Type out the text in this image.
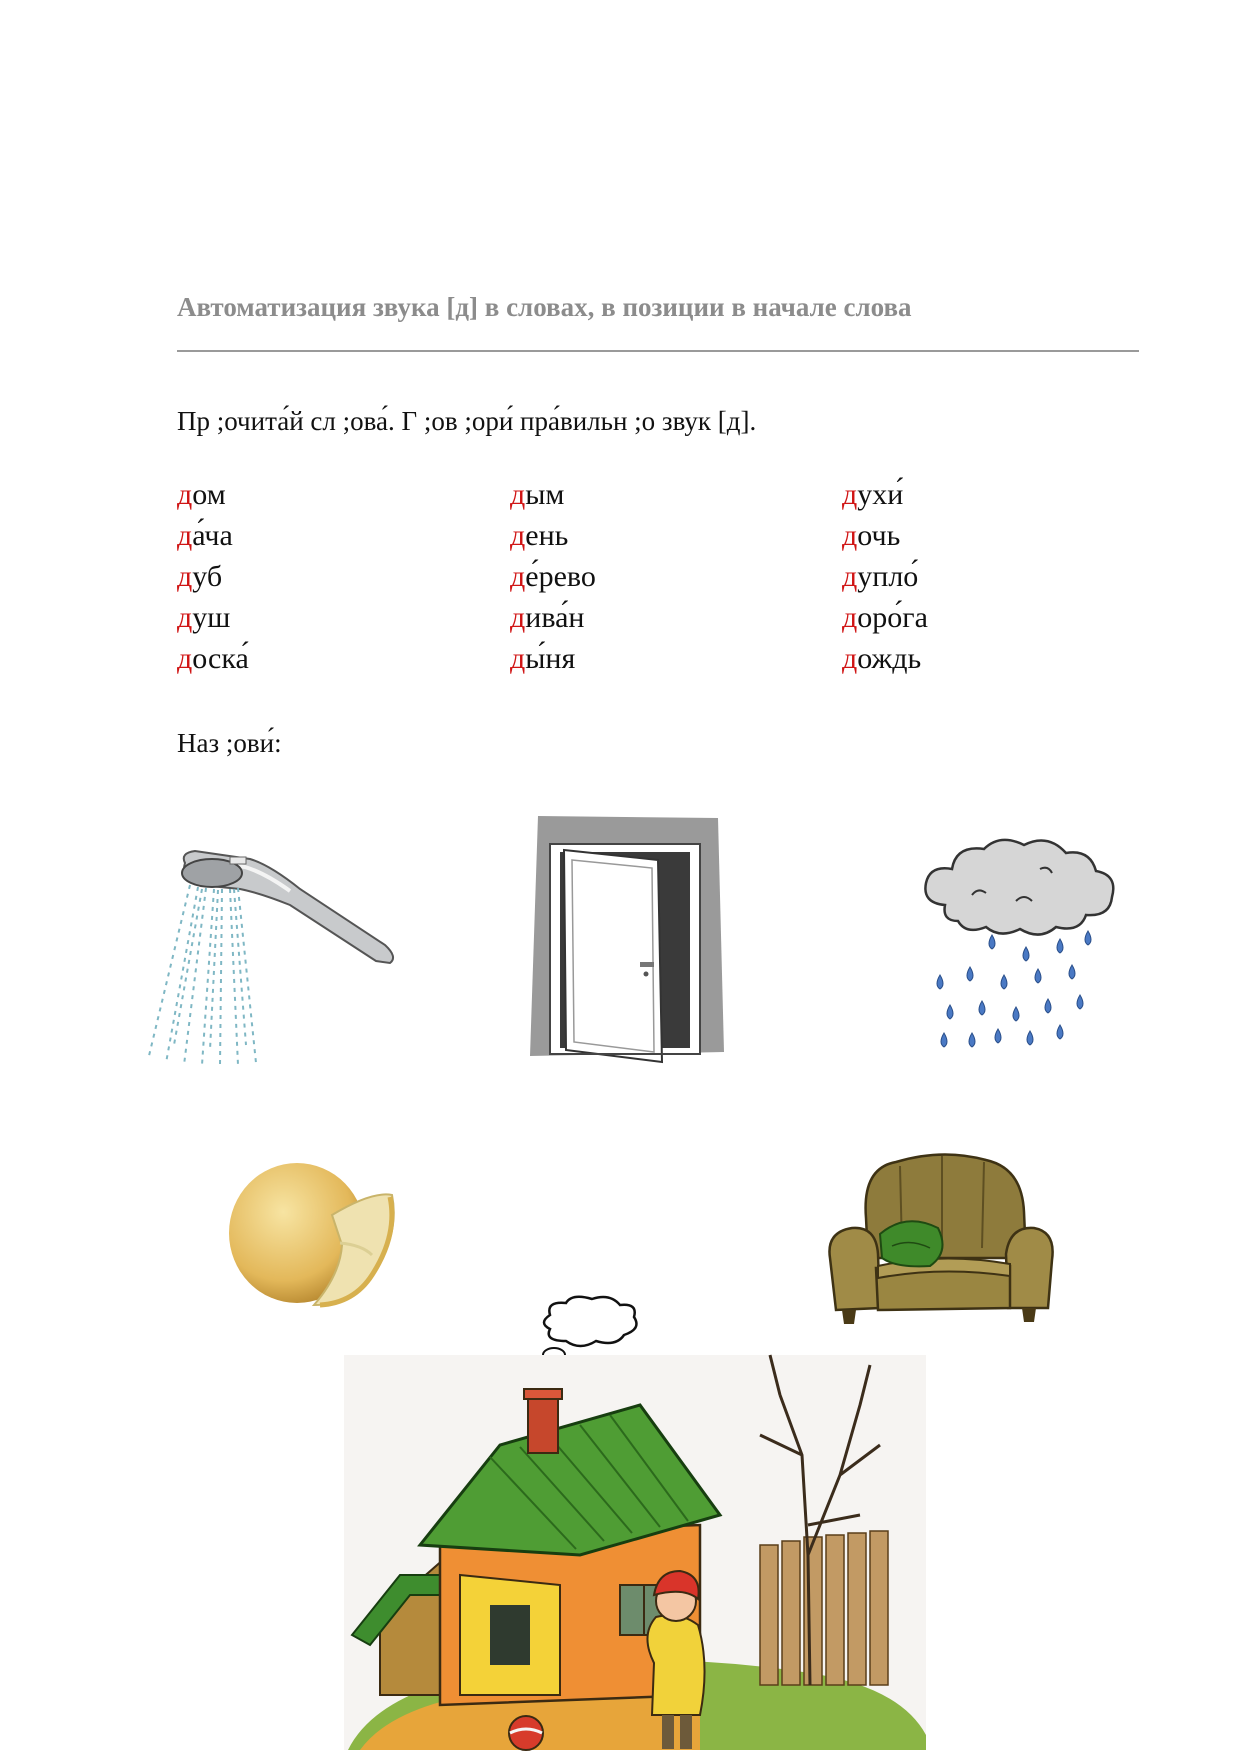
Автоматизация звука [д] в словах, в позиции в начале слова
Пр ;очита́й сл ;ова́. Г ;ов ;ори́ пра́вильн ;о звук [д].
дом
да́ча
дуб
душ
доска́
дым
день
де́рево
дива́н
ды́ня
духи́
дочь
дупло́
доро́га
дождь
Наз ;ови́:
